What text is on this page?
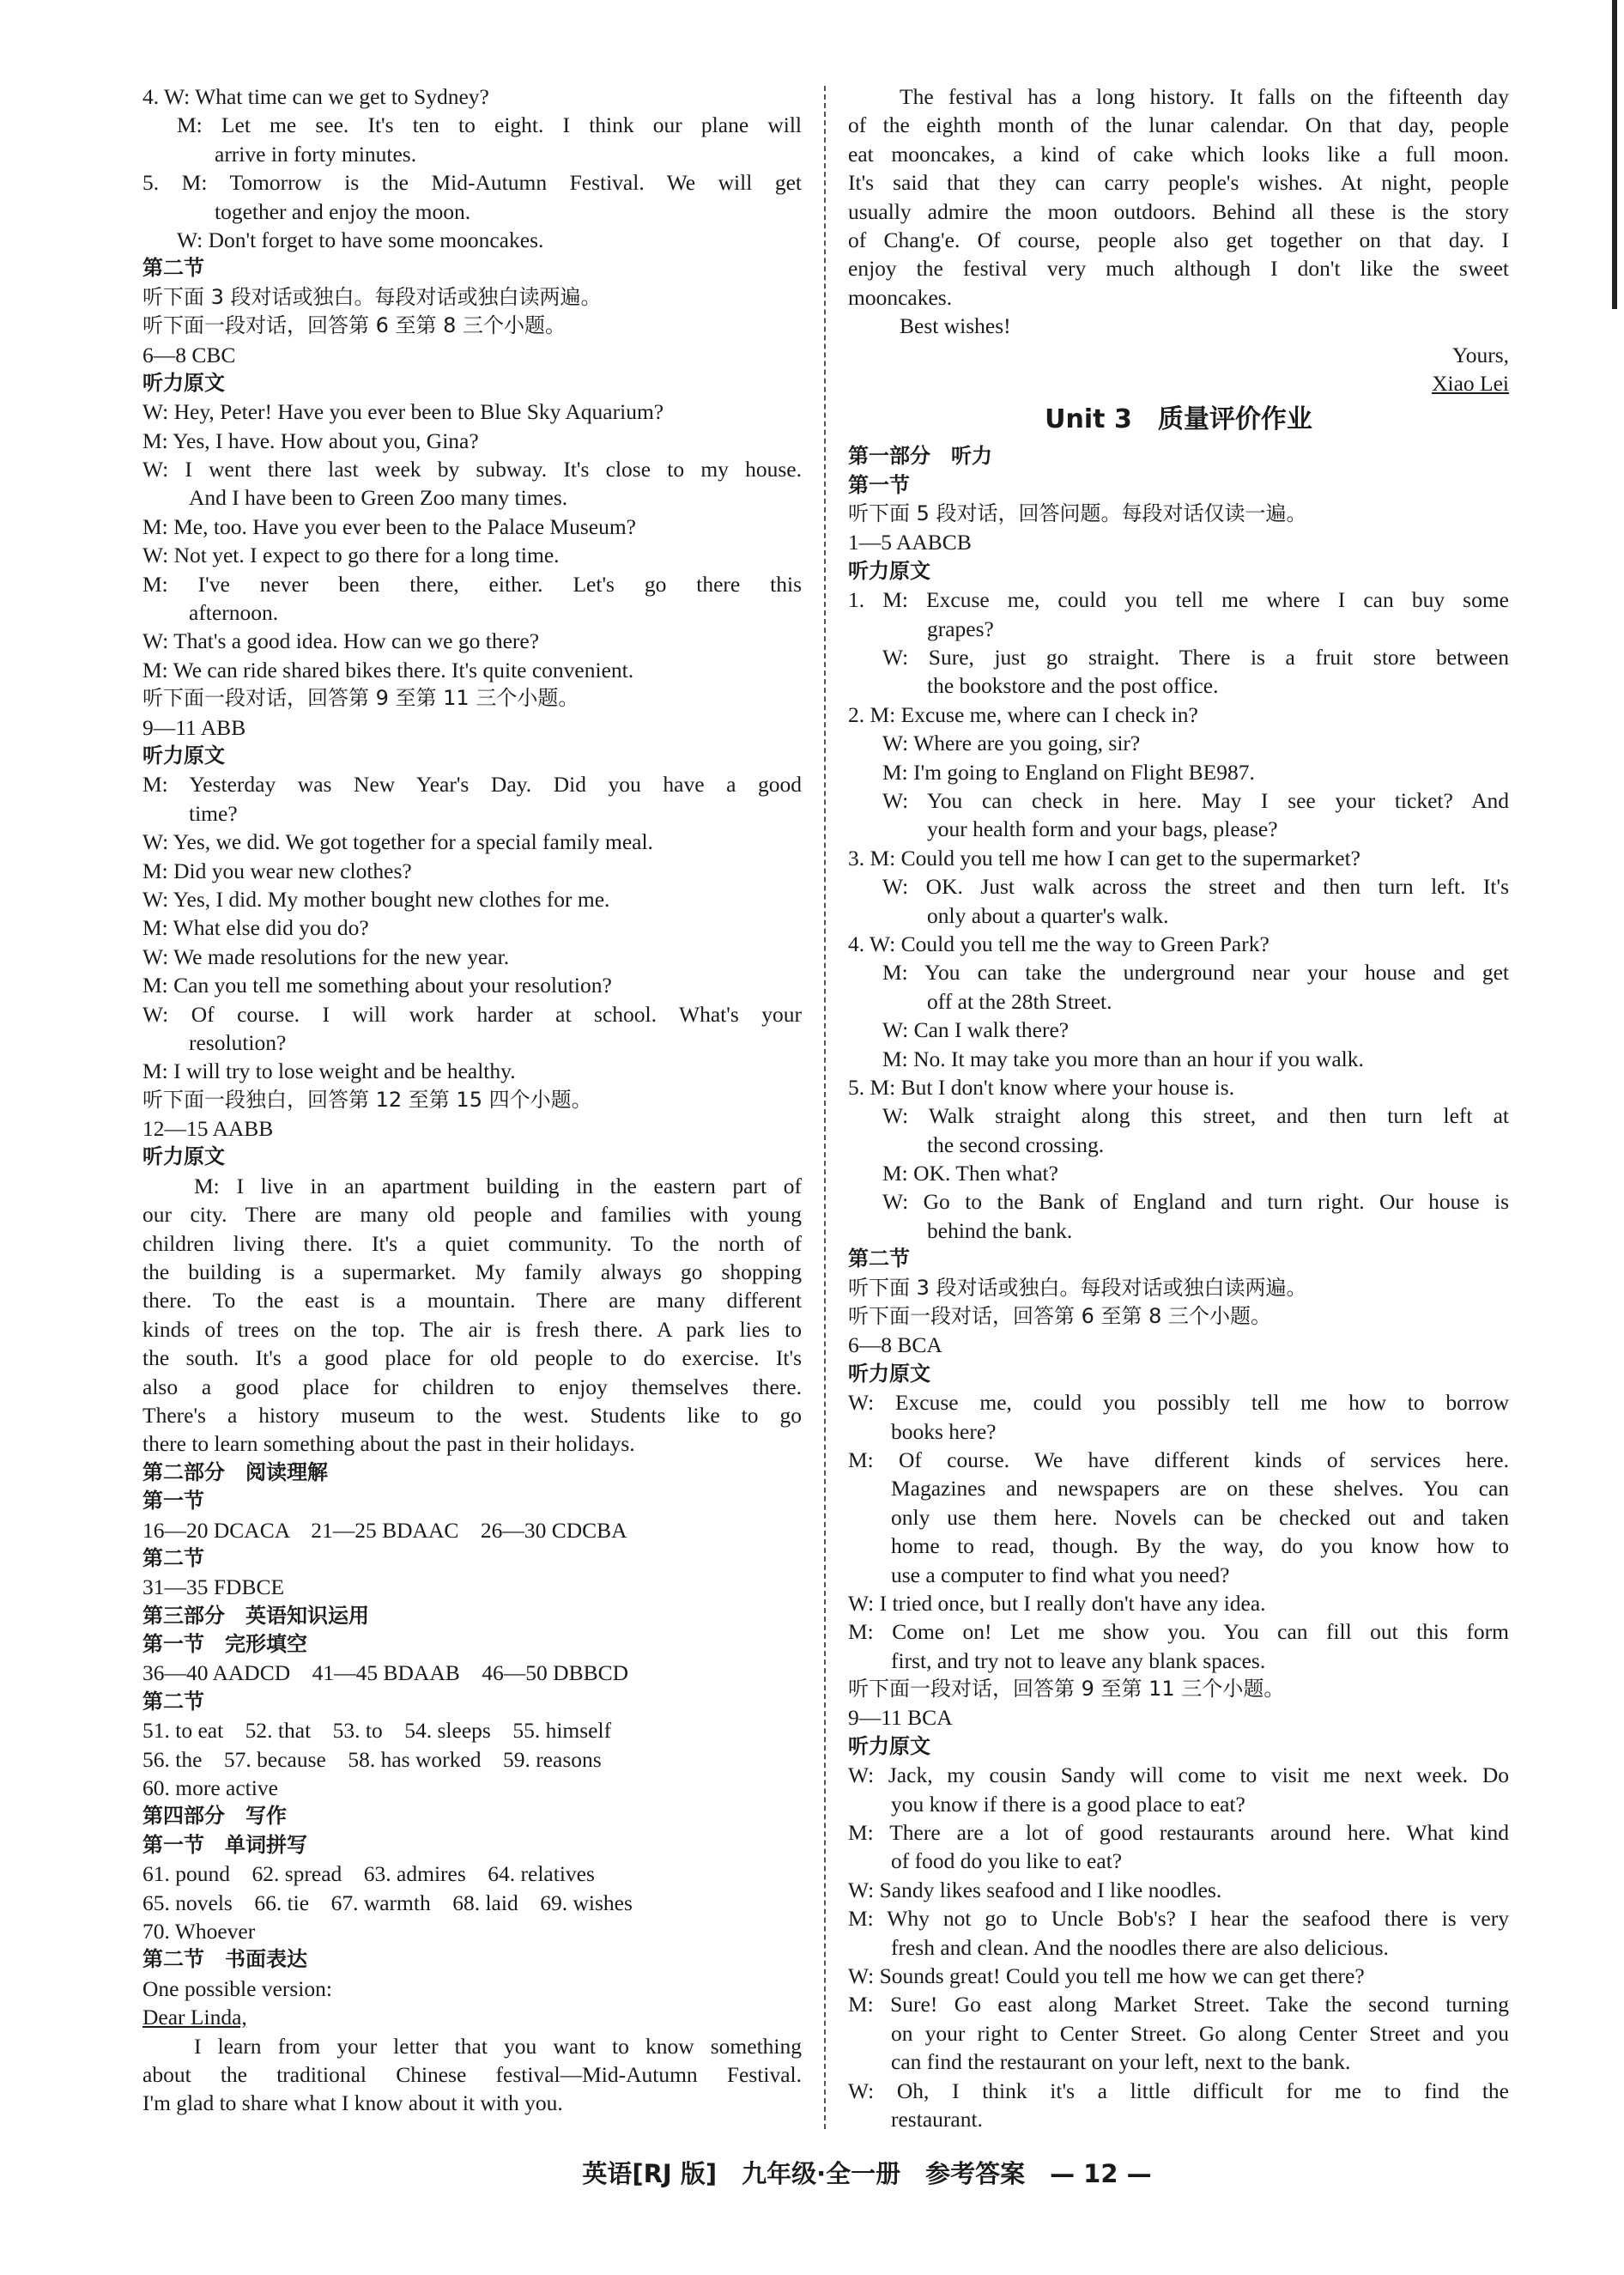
4. W: What time can we get to Sydney?
M: Let me see. It's ten to eight. I think our plane will
arrive in forty minutes.
5. M: Tomorrow is the Mid-Autumn Festival. We will get
together and enjoy the moon.
W: Don't forget to have some mooncakes.
第二节
听下面 3 段对话或独白。每段对话或独白读两遍。
听下面一段对话，回答第 6 至第 8 三个小题。
6—8 CBC
听力原文
W: Hey, Peter! Have you ever been to Blue Sky Aquarium?
M: Yes, I have. How about you, Gina?
W: I went there last week by subway. It's close to my house.
And I have been to Green Zoo many times.
M: Me, too. Have you ever been to the Palace Museum?
W: Not yet. I expect to go there for a long time.
M: I've never been there, either. Let's go there this
afternoon.
W: That's a good idea. How can we go there?
M: We can ride shared bikes there. It's quite convenient.
听下面一段对话，回答第 9 至第 11 三个小题。
9—11 ABB
听力原文
M: Yesterday was New Year's Day. Did you have a good
time?
W: Yes, we did. We got together for a special family meal.
M: Did you wear new clothes?
W: Yes, I did. My mother bought new clothes for me.
M: What else did you do?
W: We made resolutions for the new year.
M: Can you tell me something about your resolution?
W: Of course. I will work harder at school. What's your
resolution?
M: I will try to lose weight and be healthy.
听下面一段独白，回答第 12 至第 15 四个小题。
12—15 AABB
听力原文
M: I live in an apartment building in the eastern part of
our city. There are many old people and families with young
children living there. It's a quiet community. To the north of
the building is a supermarket. My family always go shopping
there. To the east is a mountain. There are many different
kinds of trees on the top. The air is fresh there. A park lies to
the south. It's a good place for old people to do exercise. It's
also a good place for children to enjoy themselves there.
There's a history museum to the west. Students like to go
there to learn something about the past in their holidays.
第二部分　阅读理解
第一节
16—20 DCACA　21—25 BDAAC　26—30 CDCBA
第二节
31—35 FDBCE
第三部分　英语知识运用
第一节　完形填空
36—40 AADCD　41—45 BDAAB　46—50 DBBCD
第二节
51. to eat　52. that　53. to　54. sleeps　55. himself
56. the　57. because　58. has worked　59. reasons
60. more active
第四部分　写作
第一节　单词拼写
61. pound　62. spread　63. admires　64. relatives
65. novels　66. tie　67. warmth　68. laid　69. wishes
70. Whoever
第二节　书面表达
One possible version:
Dear Linda,
I learn from your letter that you want to know something
about the traditional Chinese festival—Mid-Autumn Festival.
I'm glad to share what I know about it with you.
The festival has a long history. It falls on the fifteenth day
of the eighth month of the lunar calendar. On that day, people
eat mooncakes, a kind of cake which looks like a full moon.
It's said that they can carry people's wishes. At night, people
usually admire the moon outdoors. Behind all these is the story
of Chang'e. Of course, people also get together on that day. I
enjoy the festival very much although I don't like the sweet
mooncakes.
Best wishes!
Yours,
Xiao Lei
Unit 3　质量评价作业
第一部分　听力
第一节
听下面 5 段对话，回答问题。每段对话仅读一遍。
1—5 AABCB
听力原文
1. M: Excuse me, could you tell me where I can buy some
grapes?
W: Sure, just go straight. There is a fruit store between
the bookstore and the post office.
2. M: Excuse me, where can I check in?
W: Where are you going, sir?
M: I'm going to England on Flight BE987.
W: You can check in here. May I see your ticket? And
your health form and your bags, please?
3. M: Could you tell me how I can get to the supermarket?
W: OK. Just walk across the street and then turn left. It's
only about a quarter's walk.
4. W: Could you tell me the way to Green Park?
M: You can take the underground near your house and get
off at the 28th Street.
W: Can I walk there?
M: No. It may take you more than an hour if you walk.
5. M: But I don't know where your house is.
W: Walk straight along this street, and then turn left at
the second crossing.
M: OK. Then what?
W: Go to the Bank of England and turn right. Our house is
behind the bank.
第二节
听下面 3 段对话或独白。每段对话或独白读两遍。
听下面一段对话，回答第 6 至第 8 三个小题。
6—8 BCA
听力原文
W: Excuse me, could you possibly tell me how to borrow
books here?
M: Of course. We have different kinds of services here.
Magazines and newspapers are on these shelves. You can
only use them here. Novels can be checked out and taken
home to read, though. By the way, do you know how to
use a computer to find what you need?
W: I tried once, but I really don't have any idea.
M: Come on! Let me show you. You can fill out this form
first, and try not to leave any blank spaces.
听下面一段对话，回答第 9 至第 11 三个小题。
9—11 BCA
听力原文
W: Jack, my cousin Sandy will come to visit me next week. Do
you know if there is a good place to eat?
M: There are a lot of good restaurants around here. What kind
of food do you like to eat?
W: Sandy likes seafood and I like noodles.
M: Why not go to Uncle Bob's? I hear the seafood there is very
fresh and clean. And the noodles there are also delicious.
W: Sounds great! Could you tell me how we can get there?
M: Sure! Go east along Market Street. Take the second turning
on your right to Center Street. Go along Center Street and you
can find the restaurant on your left, next to the bank.
W: Oh, I think it's a little difficult for me to find the
restaurant.
英语[RJ 版]　九年级·全一册　参考答案　— 12 —
